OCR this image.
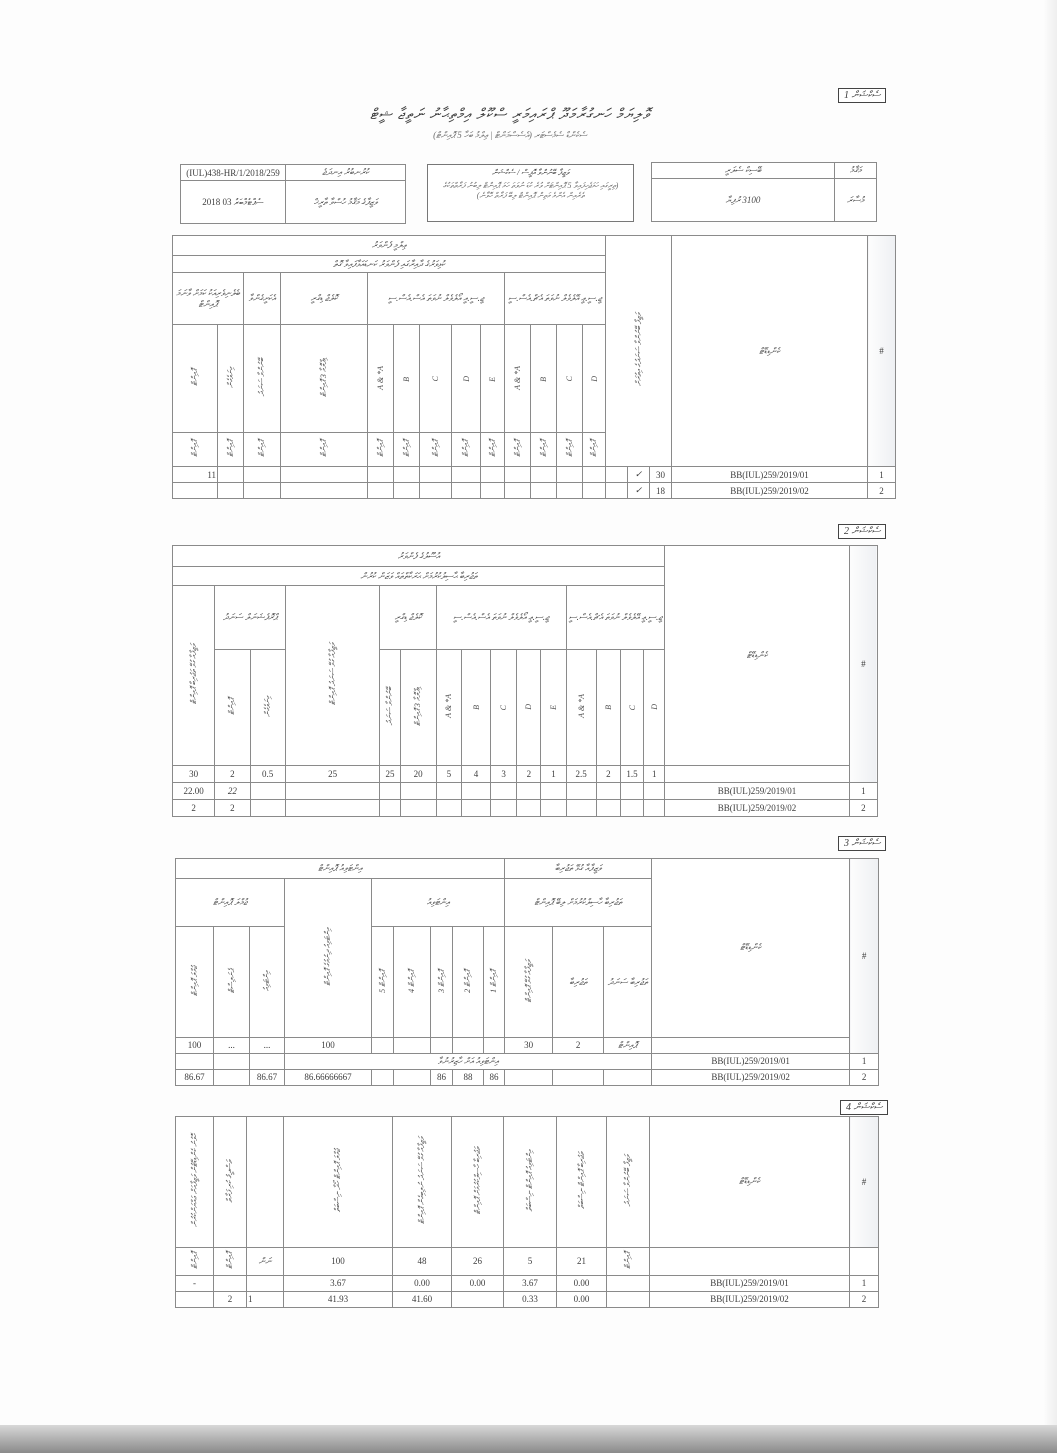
ސެކްޝަން 1
ވޮލިޔަމް ހަނގުރާމަދޫ ޕްރައިމަރީ ސްކޫލް އިމްތިޙާނު ނަތީޖާ ޝީޓް
ސެކެންޑް ސެމެސްޓަރ (އެސެސްމަންޓް | ޢިލްމު ބަހާ 5 ޕޮއިންޓް)
(IUL)438-HR/1/2018/259	ކުރުނބުރު އިނދަޖެ
2018 ސެޕްޓެމްބަރު 03	ވަޒީފާގެ މަޤާމު ހުސްވާ ތާރީޚް
ވަޒީފާ ބޭނުންވާ އޮފީސް / ސެކްޝަން
(ތިރީގައި ހަމަޖެހިފައިވާ 5 ޕޮއިންޓަށް ވުރެ ކުޑަ ނުވަތަ ހަމަ ޕޮއިންޓް ލިބުނު ފަރާތްތަކުގެ ތެރެއިން އެންމެ މަތިން ޕޮއިންޓް ލިބޭ ފަރާތް ހޮވާނެ)
ބޭސިކް ސެލަރީ	މަޤާމު
3100 ރުފިޔާ	މުސާރަ
ޢިލްމީ ފެންވަރު													ވަޒީފާ ބޭނުންވާ ސަނަދުގެ އިތުރަށް			ކެންޑިޑޭޓް	#
ކުޅިވަރުގެ ދާއިރާގައި ފެންވަރު ކަނޑައަޅާފައިވާ ގޮތް																	
ބެލެނިވެރިއަކު ކަމަށް ވާނަމަ ޕޮއިންޓް		އެކަށީގެންވާ	ކޮލެޖް ޑިގްރީ	ޖީ.ސީ.އީ އޯލެވެލް ނުވަތަ އެސް.އެސް.ސީ					ޖީ.ސީ.ޢީ އޭލެވެލް ނުވަތަ އެޗް.އެސް.ސީ								
ޕޮއިންޓް	ގިނަވެގެން	ބޭނުންވާ ސަނަދު	ޑިޕްލޮމާ 3 ޕޮއިންޓް	A & *A	B	C	D	E	A & *A	B	C	D					
ޕޮއިންޓް	ޕޮއިންޓް	ޕޮއިންޓް	ޕޮއިންޓް	ޕޮއިންޓް	ޕޮއިންޓް	ޕޮއިންޓް	ޕޮއިންޓް	ޕޮއިންޓް	ޕޮއިންޓް	ޕޮއިންޓް	ޕޮއިންޓް	ޕޮއިންޓް					
11														✓	30	BB(IUL)259/2019/01	1
														✓	18	BB(IUL)259/2019/02	2
ސެކްޝަން 2
އުސޫލުގެ ފެންވަރު															ކެންޑިޑޭޓް	#
ތަޖުރިބާ ޙާސިލުކުރުމަށް ޙަރަކާތްތައް ވަޒަން ކުރުން																
ވަޒީފާއާ ގުޅޭ ތަޖުރިބާ ޕޮއިންޓް	ޕްރޮފެޝަނަލް ސަނަދު		ވަޒީފާއާ ގުޅޭ ސަނަދު ޕޮއިންޓް	ކޮލެޖް ޑިގްރީ		ޖީ.ސީ.ޢީ އޯލެވެލް ނުވަތަ އެސް.އެސް.ސީ					ޖީ.ސީ.ޢީ އޭލެވެލް ނުވަތަ އެޗް.އެސް.ސީ					
	ޕޮއިންޓް	ގިނަވެގެން		ބޭނުންވާ ސަނަދު	ޑިޕްލޮމާ 3 ޕޮއިންޓް	A & *A	B	C	D	E	A & *A	B	C	D		
30	2	0.5	25	25	20	5	4	3	2	1	2.5	2	1.5	1		
22.00	22														BB(IUL)259/2019/01	1
2	2														BB(IUL)259/2019/02	2
ސެކްޝަން 3
އިންޓަވިއު ޕޮއިންޓް									ވަޒީފާއާ ގުޅޭ ތަޖުރިބާ			ކެންޑިޑޭޓް	#
ޖުމްލަ ޕޮއިންޓް			އިންޓަވިއު ދިނުމުގެ ޕޮއިންޓް	އިންޓަވިއު					ތަޖުރިބާ ހާސިލްކުރުމަށް ލިބޭ ޕޮއިންޓް				
ޖުމްލަ ޕޮއިންޓް	ޕެނަލިސްޓް	އިންޓަވިއު		5 ޕޮއިންޓް	4 ޕޮއިންޓް	3 ޕޮއިންޓް	2 ޕޮއިންޓް	1 ޕޮއިންޓް	ވަޒީފާއާ ގުޅޭ ޕޮއިންޓް	ތަޖުރިބާ	ތަޖުރިބާ ސަނަދު		
100	...	...	100						30	2	ޕޮއިންޓް		
			އިންޓަވިއު އަށް ހާޒިރުނުވާ									BB(IUL)259/2019/01	1
86.67		86.67	86.66666667			86	88	86				BB(IUL)259/2019/02	2
ސެކްޝަން 4
ހޮވުނު ކެންޑިޑޭޓުން ވަޒީފާއަށް ޢައްޔަންކުރުން	ތަސްދީޤު ކުރި ފަރާތް		ޖުމްލަ ޕޮއިންޓް ހޯދާ ނިސްބަތް	ވަޒީފާއާ ގުޅޭ ސަނަދު ނުލިބިގެން ޕޮއިންޓް	ތަޖުރިބާ ހާސިލްކުރުމަށް ޕޮއިންޓް	އިންޓަވިއު ޕޮއިންޓް ނިސްބަތް	ތަޖުރިބާ ޕޮއިންޓް ނިސްބަތް	ވަޒީފާ ބޭނުންވާ ސަނަދު	ކެންޑިޑޭޓް	#
ޕޮއިންޓް	ޕޮއިންޓް	ނަން	100	48	26	5	21	ޕޮއިންޓް		
-			3.67	0.00	0.00	3.67	0.00		BB(IUL)259/2019/01	1
	2	1	41.93	41.60		0.33	0.00		BB(IUL)259/2019/02	2
